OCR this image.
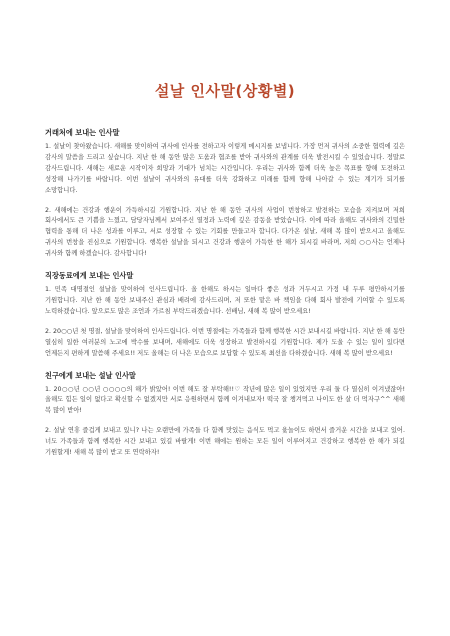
설날 인사말(상황별)
거래처에 보내는 인사말

1. 설날이 찾아왔습니다. 새해를 맞이하여 귀사에 인사를 전하고자 이렇게 메시지를 보냅니다. 가장 먼저 귀사의 소중한 협력에 깊은 감사의 말씀을 드리고 싶습니다. 지난 한 해 동안 많은 도움과 협조를 받아 귀사와의 관계를 더욱 발전시킬 수 있었습니다. 정말로 감사드립니다. 새해는 새로운 시작이자 희망과 기대가 넘치는 시간입니다. 우리는 귀사와 함께 더욱 높은 목표를 향해 도전하고 성장해 나가기를 바랍니다. 이번 설날이 귀사와의 유대를 더욱 강화하고 미래를 함께 향해 나아갈 수 있는 계기가 되기를 소망합니다.

2. 새해에는 건강과 행운이 가득하시길 기원합니다. 지난 한 해 동안 귀사의 사업이 번창하고 발전하는 모습을 지켜보며 저희 회사에서도 큰 기쁨을 느꼈고, 담당자님께서 보여주신 열정과 노력에 깊은 감동을 받았습니다. 이에 따라 올해도 귀사와의 긴밀한 협력을 통해 더 나은 성과를 이루고, 서로 성장할 수 있는 기회를 만들고자 합니다. 다가온 설날, 새해 복 많이 받으시고 올해도 귀사의 번창을 진심으로 기원합니다. 행복한 설날을 되시고 건강과 행운이 가득한 한 해가 되시길 바라며, 저희 ○○사는 언제나 귀사와 함께 하겠습니다. 감사합니다!

직장동료에게 보내는 인사말

1. 민족 대명절인 설날을 맞이하여 인사드립니다. 올 한해도 하시는 일마다 좋은 성과 거두시고 가정 내 두루 평안하시기를 기원합니다. 지난 한 해 동안 보내주신 관심과 배려에 감사드리며, 저 또한 맡은 바 책임을 다해 회사 발전에 기여할 수 있도록 노력하겠습니다. 앞으로도 많은 조언과 가르침 부탁드리겠습니다. 선배님, 새해 복 많이 받으세요!

2. 20○○년 첫 명절, 설날을 맞이하여 인사드립니다. 이번 명절에는 가족들과 함께 행복한 시간 보내시길 바랍니다. 지난 한 해 동안 열심히 일한 여러분의 노고에 박수를 보내며, 새해에도 더욱 성장하고 발전하시길 기원합니다. 제가 도울 수 있는 일이 있다면 언제든지 편하게 말씀해 주세요!! 저도 올해는 더 나은 모습으로 보답할 수 있도록 최선을 다하겠습니다. 새해 복 많이 받으세요!

친구에게 보내는 설날 인사말

1. 20○○년 ○○년 ○○○○의 해가 밝았어! 이번 해도 잘 부탁해!!♡ 작년에 많은 일이 있었지만 우리 둘 다 열심히 이겨냈잖아! 올해도 힘든 일이 없다고 확신할 수 없겠지만 서로 응원하면서 함께 이겨내보자! 떡국 잘 챙겨먹고 나이도 한 살 더 먹자구^^ 새해 복 많이 받아!

2. 설날 연휴 즐겁게 보내고 있니? 나는 오랜만에 가족들 다 함께 맛있는 음식도 먹고 윷놀이도 하면서 즐거운 시간을 보내고 있어. 너도 가족들과 함께 행복한 시간 보내고 있길 바랄게! 이번 해에는 원하는 모든 일이 이루어지고 건강하고 행복한 한 해가 되길 기원할게! 새해 복 많이 받고 또 연락하자!
